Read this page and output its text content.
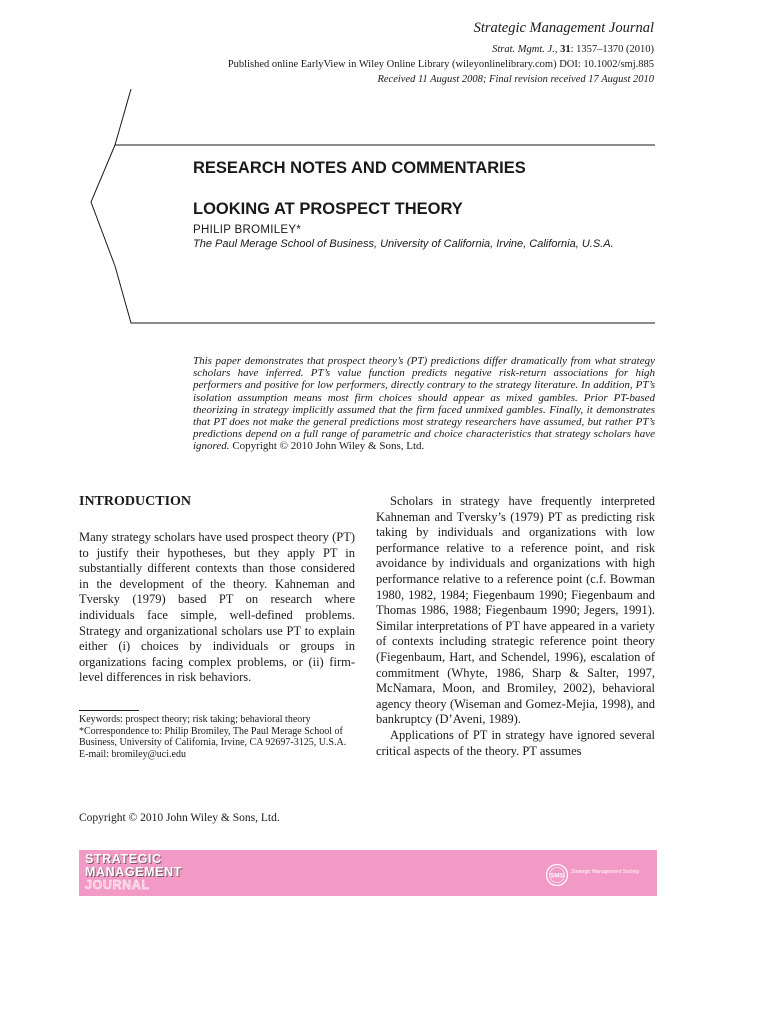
Strategic Management Journal
Strat. Mgmt. J., 31: 1357–1370 (2010)
Published online EarlyView in Wiley Online Library (wileyonlinelibrary.com) DOI: 10.1002/smj.885
Received 11 August 2008; Final revision received 17 August 2010
RESEARCH NOTES AND COMMENTARIES
LOOKING AT PROSPECT THEORY
PHILIP BROMILEY*
The Paul Merage School of Business, University of California, Irvine, California, U.S.A.
This paper demonstrates that prospect theory’s (PT) predictions differ dramatically from what strategy scholars have inferred. PT’s value function predicts negative risk-return associations for high performers and positive for low performers, directly contrary to the strategy literature. In addition, PT’s isolation assumption means most firm choices should appear as mixed gambles. Prior PT-based theorizing in strategy implicitly assumed that the firm faced unmixed gambles. Finally, it demonstrates that PT does not make the general predictions most strategy researchers have assumed, but rather PT’s predictions depend on a full range of parametric and choice characteristics that strategy scholars have ignored. Copyright © 2010 John Wiley & Sons, Ltd.
INTRODUCTION

Many strategy scholars have used prospect theory (PT) to justify their hypotheses, but they apply PT in substantially different contexts than those considered in the development of the theory. Kahneman and Tversky (1979) based PT on research where individuals face simple, well-defined problems. Strategy and organizational scholars use PT to explain either (i) choices by individuals or groups in organizations facing complex problems, or (ii) firm-level differences in risk behaviors.

Keywords: prospect theory; risk taking; behavioral theory
*Correspondence to: Philip Bromiley, The Paul Merage School of Business, University of California, Irvine, CA 92697-3125, U.S.A. E-mail: bromiley@uci.edu

Scholars in strategy have frequently interpreted Kahneman and Tversky’s (1979) PT as predicting risk taking by individuals and organizations with low performance relative to a reference point, and risk avoidance by individuals and organizations with high performance relative to a reference point (c.f. Bowman 1980, 1982, 1984; Fiegenbaum 1990; Fiegenbaum and Thomas 1986, 1988; Fiegenbaum 1990; Jegers, 1991). Similar interpretations of PT have appeared in a variety of contexts including strategic reference point theory (Fiegenbaum, Hart, and Schendel, 1996), escalation of commitment (Whyte, 1986, Sharp & Salter, 1997, McNamara, Moon, and Bromiley, 2002), behavioral agency theory (Wiseman and Gomez-Mejia, 1998), and bankruptcy (D’Aveni, 1989).

Applications of PT in strategy have ignored several critical aspects of the theory. PT assumes

Copyright © 2010 John Wiley & Sons, Ltd.
STRATEGIC
MANAGEMENT
JOURNAL
SMS
Strategic Management Society
